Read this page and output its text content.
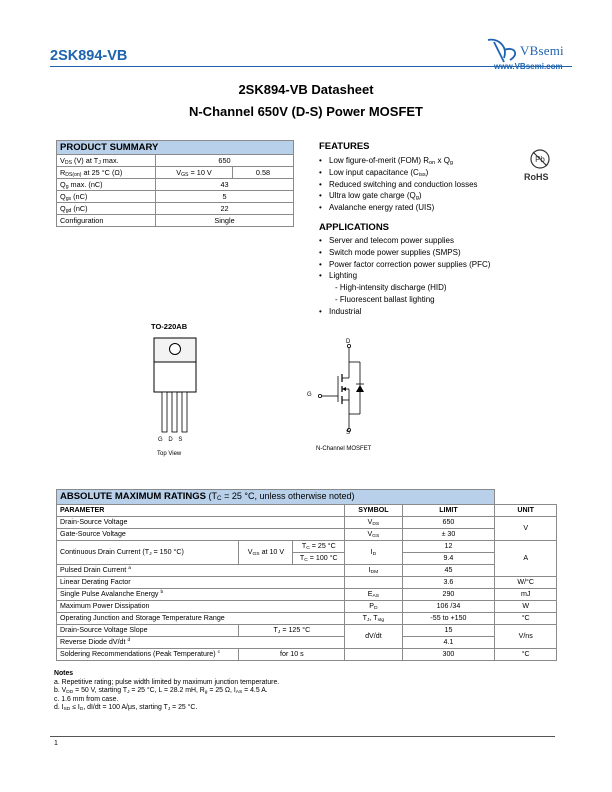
2SK894-VB	VBsemi
www.VBsemi.com
2SK894-VB Datasheet
N-Channel 650V (D-S) Power MOSFET
PRODUCT SUMMARY		
$V_{DS}$ (V) at $T_J$ max.	650	
$R_{DS(on)}$ at 25 °C (Ω)	$V_{GS} = 10$ V	0.58
$Q_g$ max. (nC)	43	
$Q_{gs}$ (nC)	5	
$Q_{gd}$ (nC)	22	
Configuration	Single	
FEATURES
• Low figure-of-merit (FOM) $R_{on}$ x $Q_g$
• Low input capacitance $(C_{iss})$
• Reduced switching and conduction losses
• Ultra low gate charge $(Q_g)$
• Avalanche energy rated (UIS)
Pb
RoHS
APPLICATIONS
• Server and telecom power supplies
• Switch mode power supplies (SMPS)
• Power factor correction power supplies (PFC)
• Lighting
- High-intensity discharge (HID)
- Fluorescent ballast lighting
• Industrial
TO-220AB
G D S
Top View
D
G
S
N-Channel MOSFET
ABSOLUTE MAXIMUM RATINGS ($T_C = 25$ °C, unless otherwise noted)					
PARAMETER			SYMBOL	LIMIT	UNIT
Drain-Source Voltage			$V_{DS}$	650	V
Gate-Source Voltage			$V_{GS}$	± 30	
Continuous Drain Current ($T_J = 150$ °C)	$V_{GS}$ at 10 V	$T_C = 25$ °C	$I_D$	12	A
		$T_C = 100$ °C		9.4	
Pulsed Drain Current $^a$			$I_{DM}$	45	
Linear Derating Factor				3.6	W/°C
Single Pulse Avalanche Energy $^b$			$E_{AS}$	290	mJ
Maximum Power Dissipation			$P_D$	106 /34	W
Operating Junction and Storage Temperature Range			$T_J$, $T_{stg}$	-55 to +150	°C
Drain-Source Voltage Slope	$T_J = 125$ °C		dV/dt	15	V/ns
Reverse Diode dV/dt $^d$				4.1	
Soldering Recommendations (Peak Temperature) $^c$	for 10 s			300	°C
Notes
a. Repetitive rating; pulse width limited by maximum junction temperature.
b. $V_{DD} = 50$ V, starting $T_J = 25$ °C, L = 28.2 mH, $R_g = 25$ Ω, $I_{AS} = 4.5$ A.
c. 1.6 mm from case.
d. $I_{SD} \le I_D$, dI/dt = 100 A/μs, starting $T_J = 25$ °C.
1
